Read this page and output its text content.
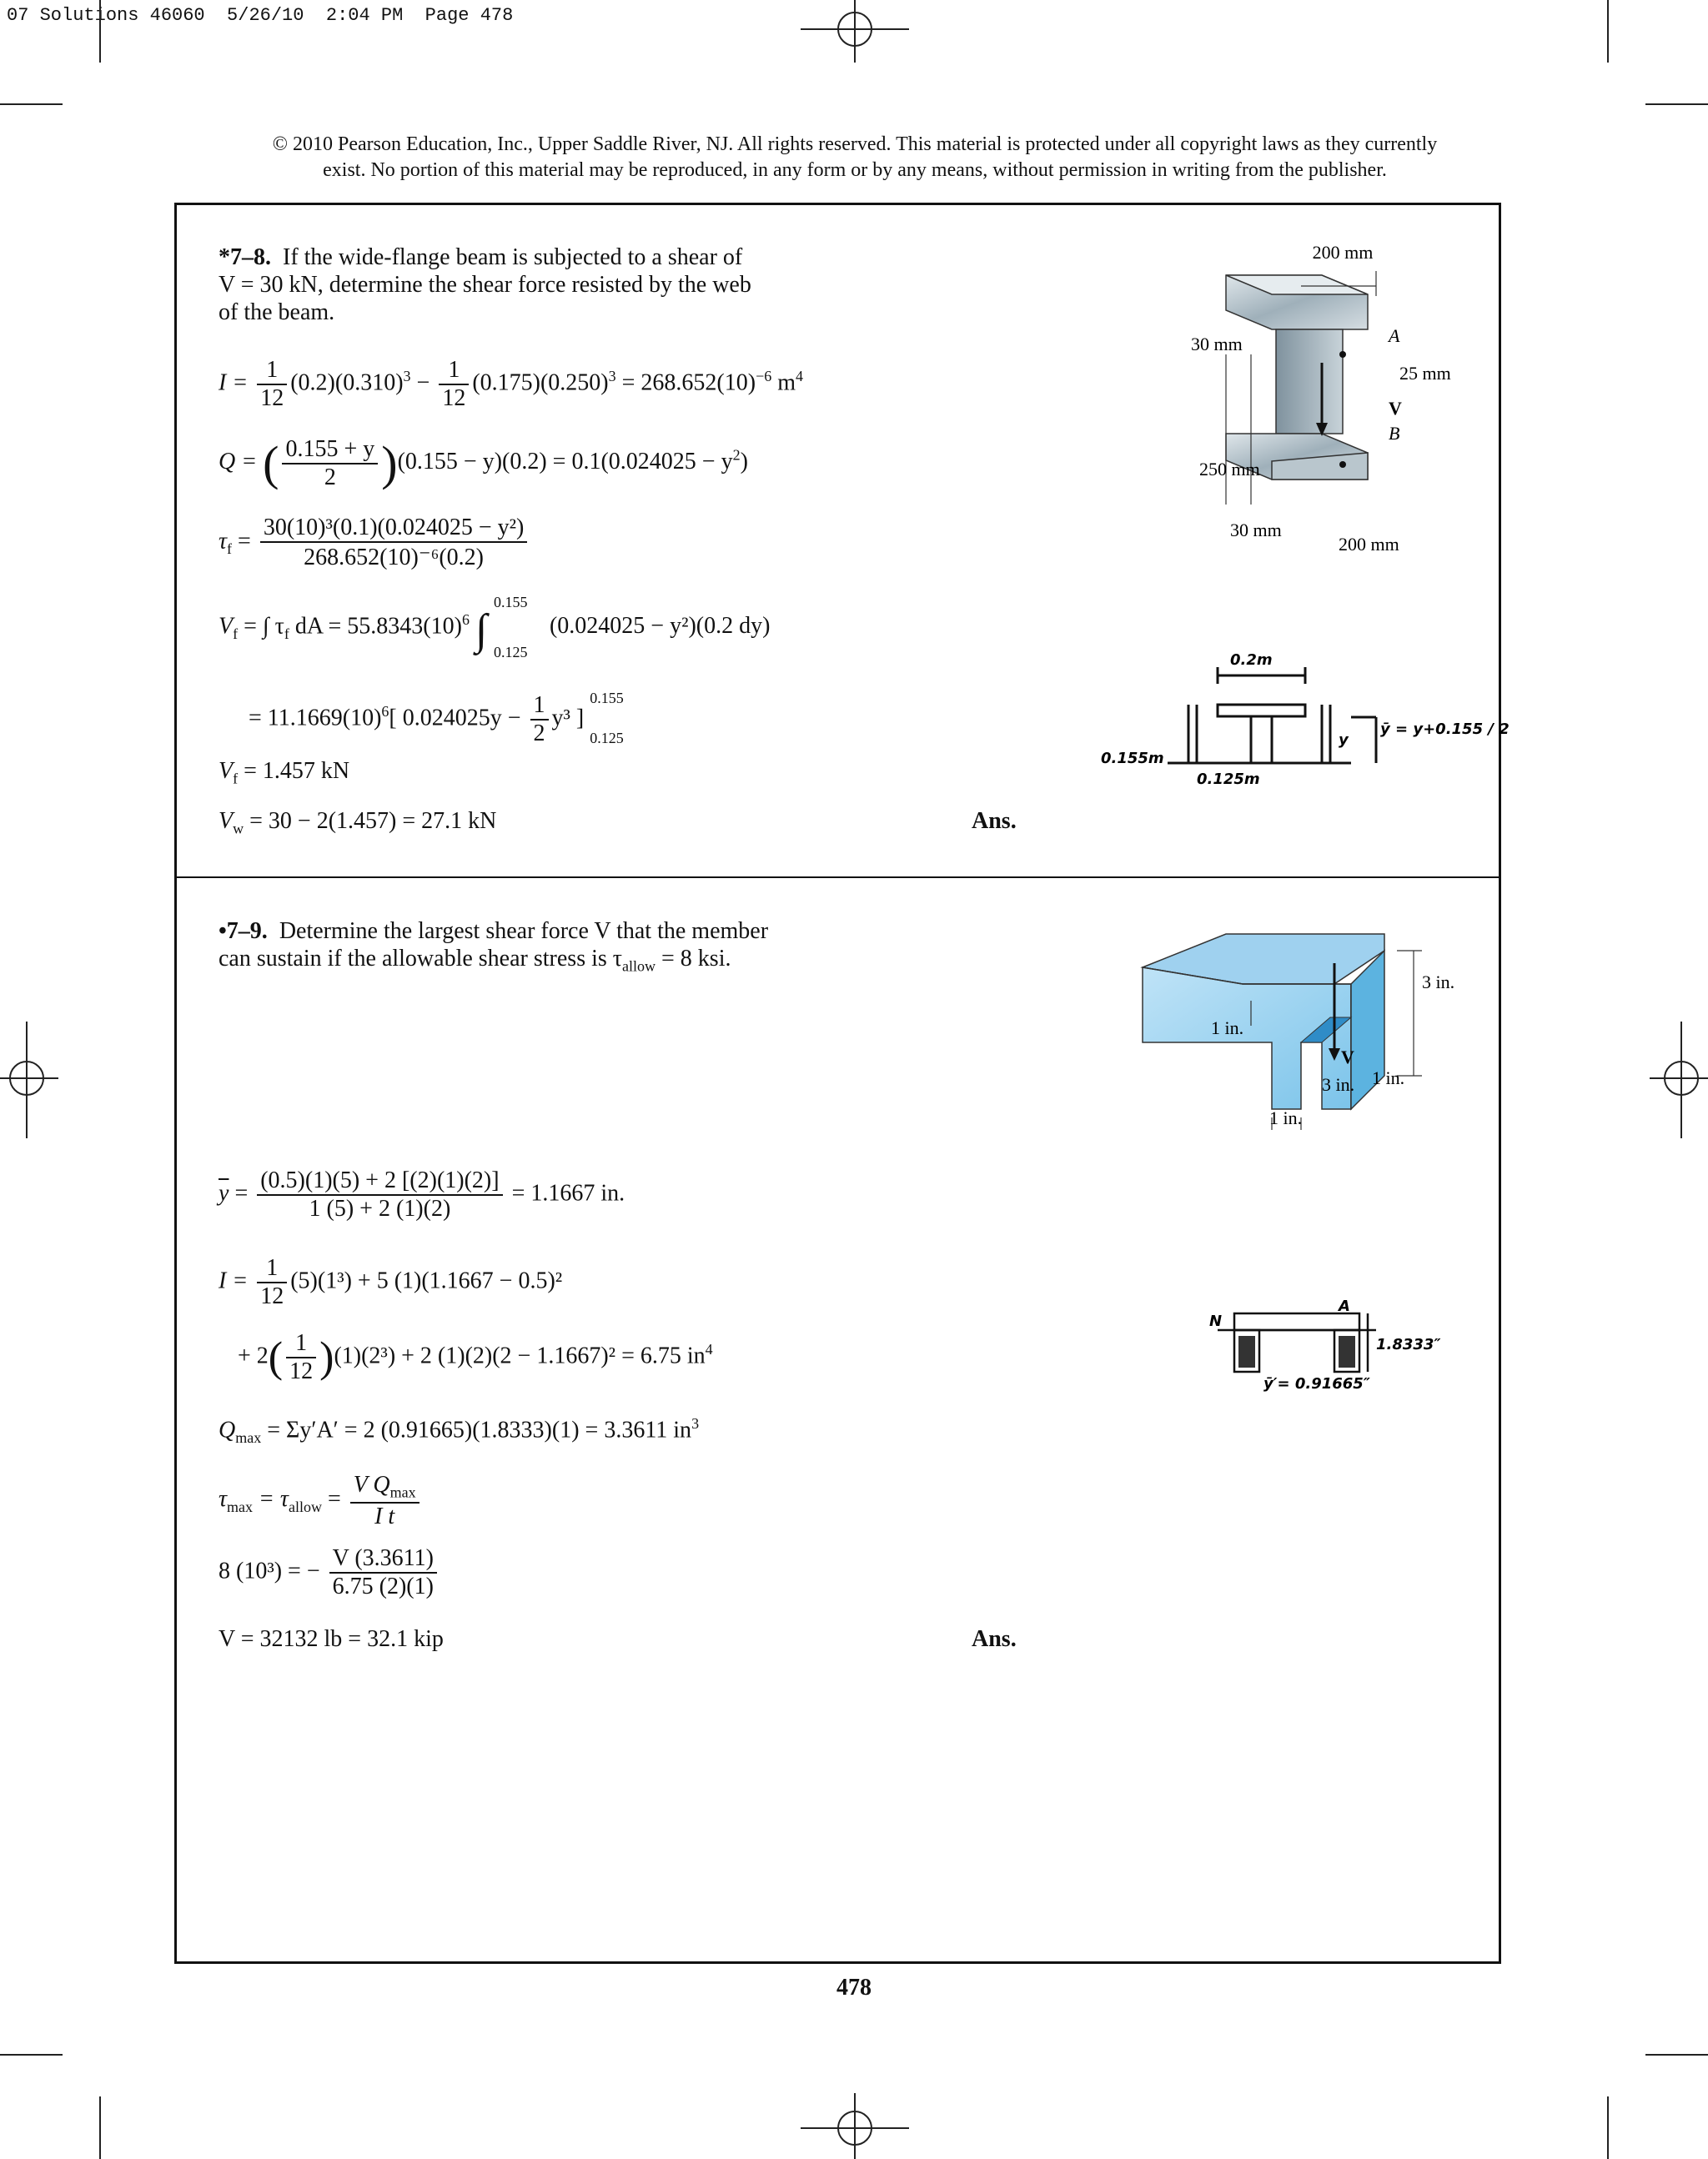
07 Solutions 46060  5/26/10  2:04 PM  Page 478
© 2010 Pearson Education, Inc., Upper Saddle River, NJ. All rights reserved. This material is protected under all copyright laws as they currently
exist. No portion of this material may be reproduced, in any form or by any means, without permission in writing from the publisher.
*7–8. If the wide-flange beam is subjected to a shear of
V = 30 kN, determine the shear force resisted by the web
of the beam.
$I = \frac{1}{12} (0.2)(0.310)^3 - \frac{1}{12} (0.175)(0.250)^3 = 268.652(10)^{-6}$ $m^4$
Q = ( $\frac{0.155 + y}{2} )(0.155 - y)(0.2) = 0.1(0.024025 - y^2)$
$\tau_f = \frac{\text{30(10)³(0.1)(0.024025 − y²)}}{\text{268.652(10)⁻⁶(0.2)}}$
$V_f$ = ∫ $\tau_f$ dA = $55.8343(10)^6$ ∫
0.155
0.125
(0.024025 − y²)(0.2 dy)
= $11.1669(10)^6$[ $0.024025y - \frac{1}{2} y^3$ ]
0.155
0.125
$V_f = 1.457$ kN
$V_w = 30 - 2(1.457) = 27.1$ kN	Ans.
200 mm
30 mm
25 mm
A
B
V
250 mm
30 mm
200 mm
0.2m
0.155m
0.125m
y
ȳ = y+0.155 / 2
•7–9. Determine the largest shear force V that the member
can sustain if the allowable shear stress is $\tau_{allow} = 8$ ksi.
3 in.
1 in.
V
3 in. 1 in.
1 in.
$\overline{y} = \frac{(0.5)(1)(5) + 2 [(2)(1)(2)]}{1 (5) + 2 (1)(2)} = 1.1667$ in.
$I = \frac{1}{12} (5)(1^3) + 5$ (1)(1.1667 − 0.5)²
+ $2( \frac{1}{12} )(1)(2^3) + 2$ (1)(2)(2 − 1.1667)² = 6.75 $in^4$
$Q_{max} = \Sigma y'A' = 2$ (0.91665)(1.8333)(1) = 3.3611 $in^3$
$\tau_{max} = \tau_{allow} = \frac{V Q_{max}}{\text{I t}}$
8 (10³) = − $\frac{V (3.3611)}{6.75 (2)(1)}$
V = 32132 lb = 32.1 kip	Ans.
N
A
1.8333″
ȳ′= 0.91665″
478
